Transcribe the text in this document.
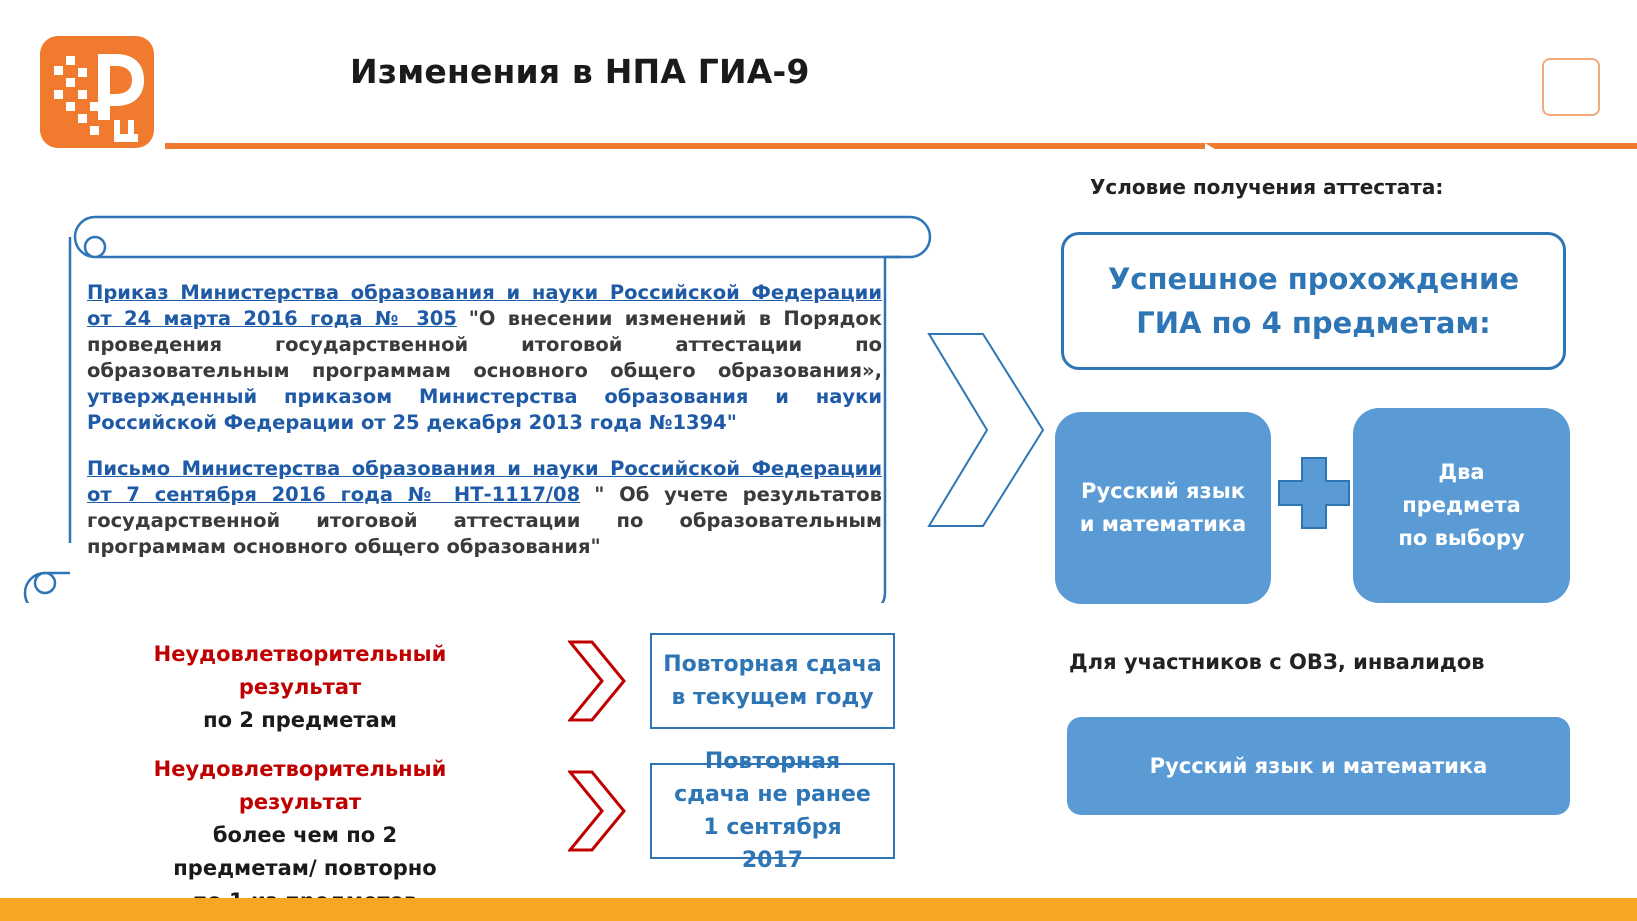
Изменения в НПА ГИА-9

Приказ Министерства образования и науки Российской Федерации от 24 марта 2016 года № 305 "О внесении изменений в Порядок проведения государственной итоговой аттестации по образовательным программам основного общего образования», утвержденный приказом Министерства образования и науки Российской Федерации от 25 декабря 2013 года №1394"

Письмо Министерства образования и науки Российской Федерации от 7 сентября 2016 года № НТ-1117/08 " Об учете результатов государственной итоговой аттестации по образовательным программам основного общего образования"

Условие получения аттестата:
Успешное прохождение ГИА по 4 предметам:
Русский язык и математика
Два предмета по выбору
Для участников с ОВЗ, инвалидов
Русский язык и математика
Неудовлетворительный результат
по 2 предметам
Повторная сдача в текущем году
Неудовлетворительный результат
более чем по 2 предметам/ повторно
Повторная сдача не ранее 1 сентября 2017
